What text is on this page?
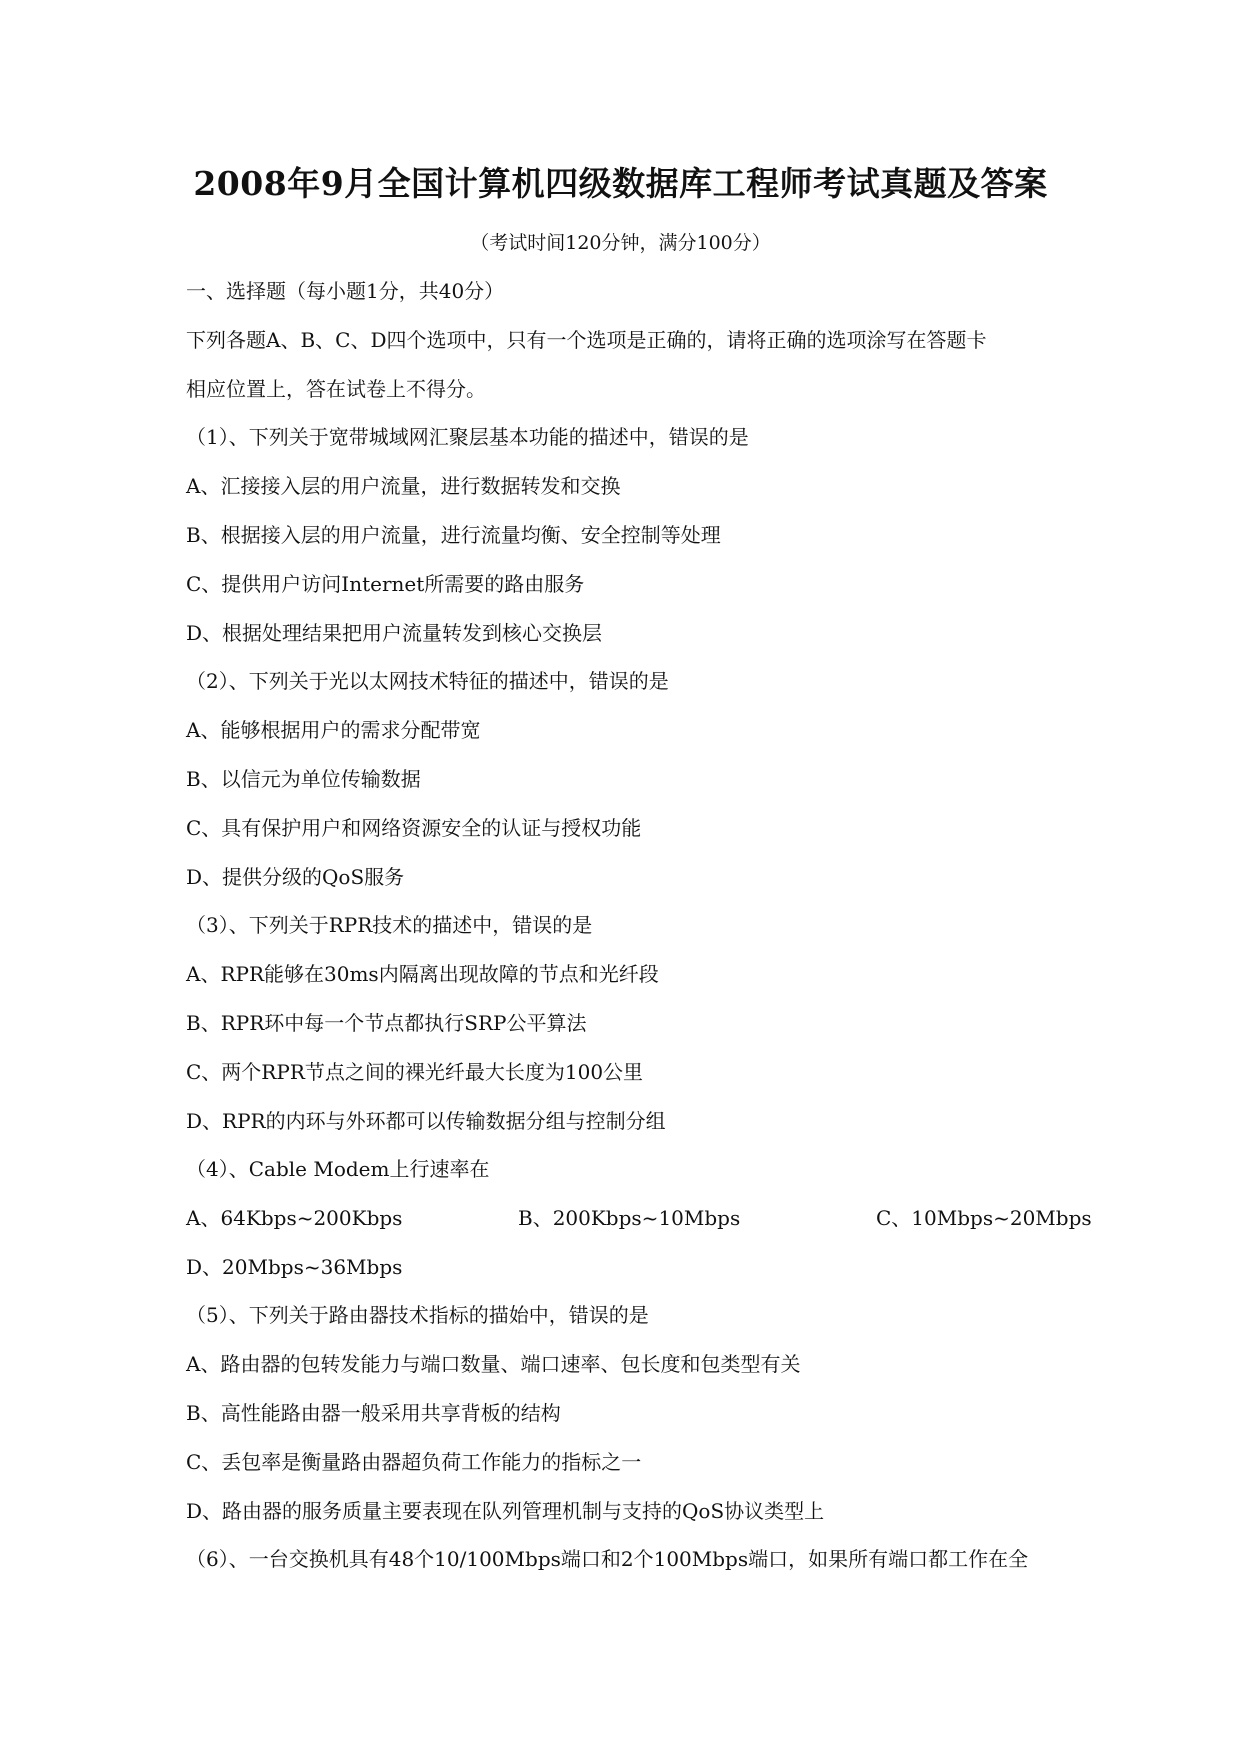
2008年9月全国计算机四级数据库工程师考试真题及答案
（考试时间120分钟，满分100分）
一、选择题（每小题1分，共40分）
下列各题A、B、C、D四个选项中，只有一个选项是正确的，请将正确的选项涂写在答题卡
相应位置上，答在试卷上不得分。
（1）、下列关于宽带城域网汇聚层基本功能的描述中，错误的是
A、汇接接入层的用户流量，进行数据转发和交换
B、根据接入层的用户流量，进行流量均衡、安全控制等处理
C、提供用户访问Internet所需要的路由服务
D、根据处理结果把用户流量转发到核心交换层
（2）、下列关于光以太网技术特征的描述中，错误的是
A、能够根据用户的需求分配带宽
B、以信元为单位传输数据
C、具有保护用户和网络资源安全的认证与授权功能
D、提供分级的QoS服务
（3）、下列关于RPR技术的描述中，错误的是
A、RPR能够在30ms内隔离出现故障的节点和光纤段
B、RPR环中每一个节点都执行SRP公平算法
C、两个RPR节点之间的裸光纤最大长度为100公里
D、RPR的内环与外环都可以传输数据分组与控制分组
（4）、Cable Modem上行速率在
A、64Kbps~200Kbps	B、200Kbps~10Mbps	C、10Mbps~20Mbps
D、20Mbps~36Mbps
（5）、下列关于路由器技术指标的描始中，错误的是
A、路由器的包转发能力与端口数量、端口速率、包长度和包类型有关
B、高性能路由器一般采用共享背板的结构
C、丢包率是衡量路由器超负荷工作能力的指标之一
D、路由器的服务质量主要表现在队列管理机制与支持的QoS协议类型上
（6）、一台交换机具有48个10/100Mbps端口和2个100Mbps端口，如果所有端口都工作在全
